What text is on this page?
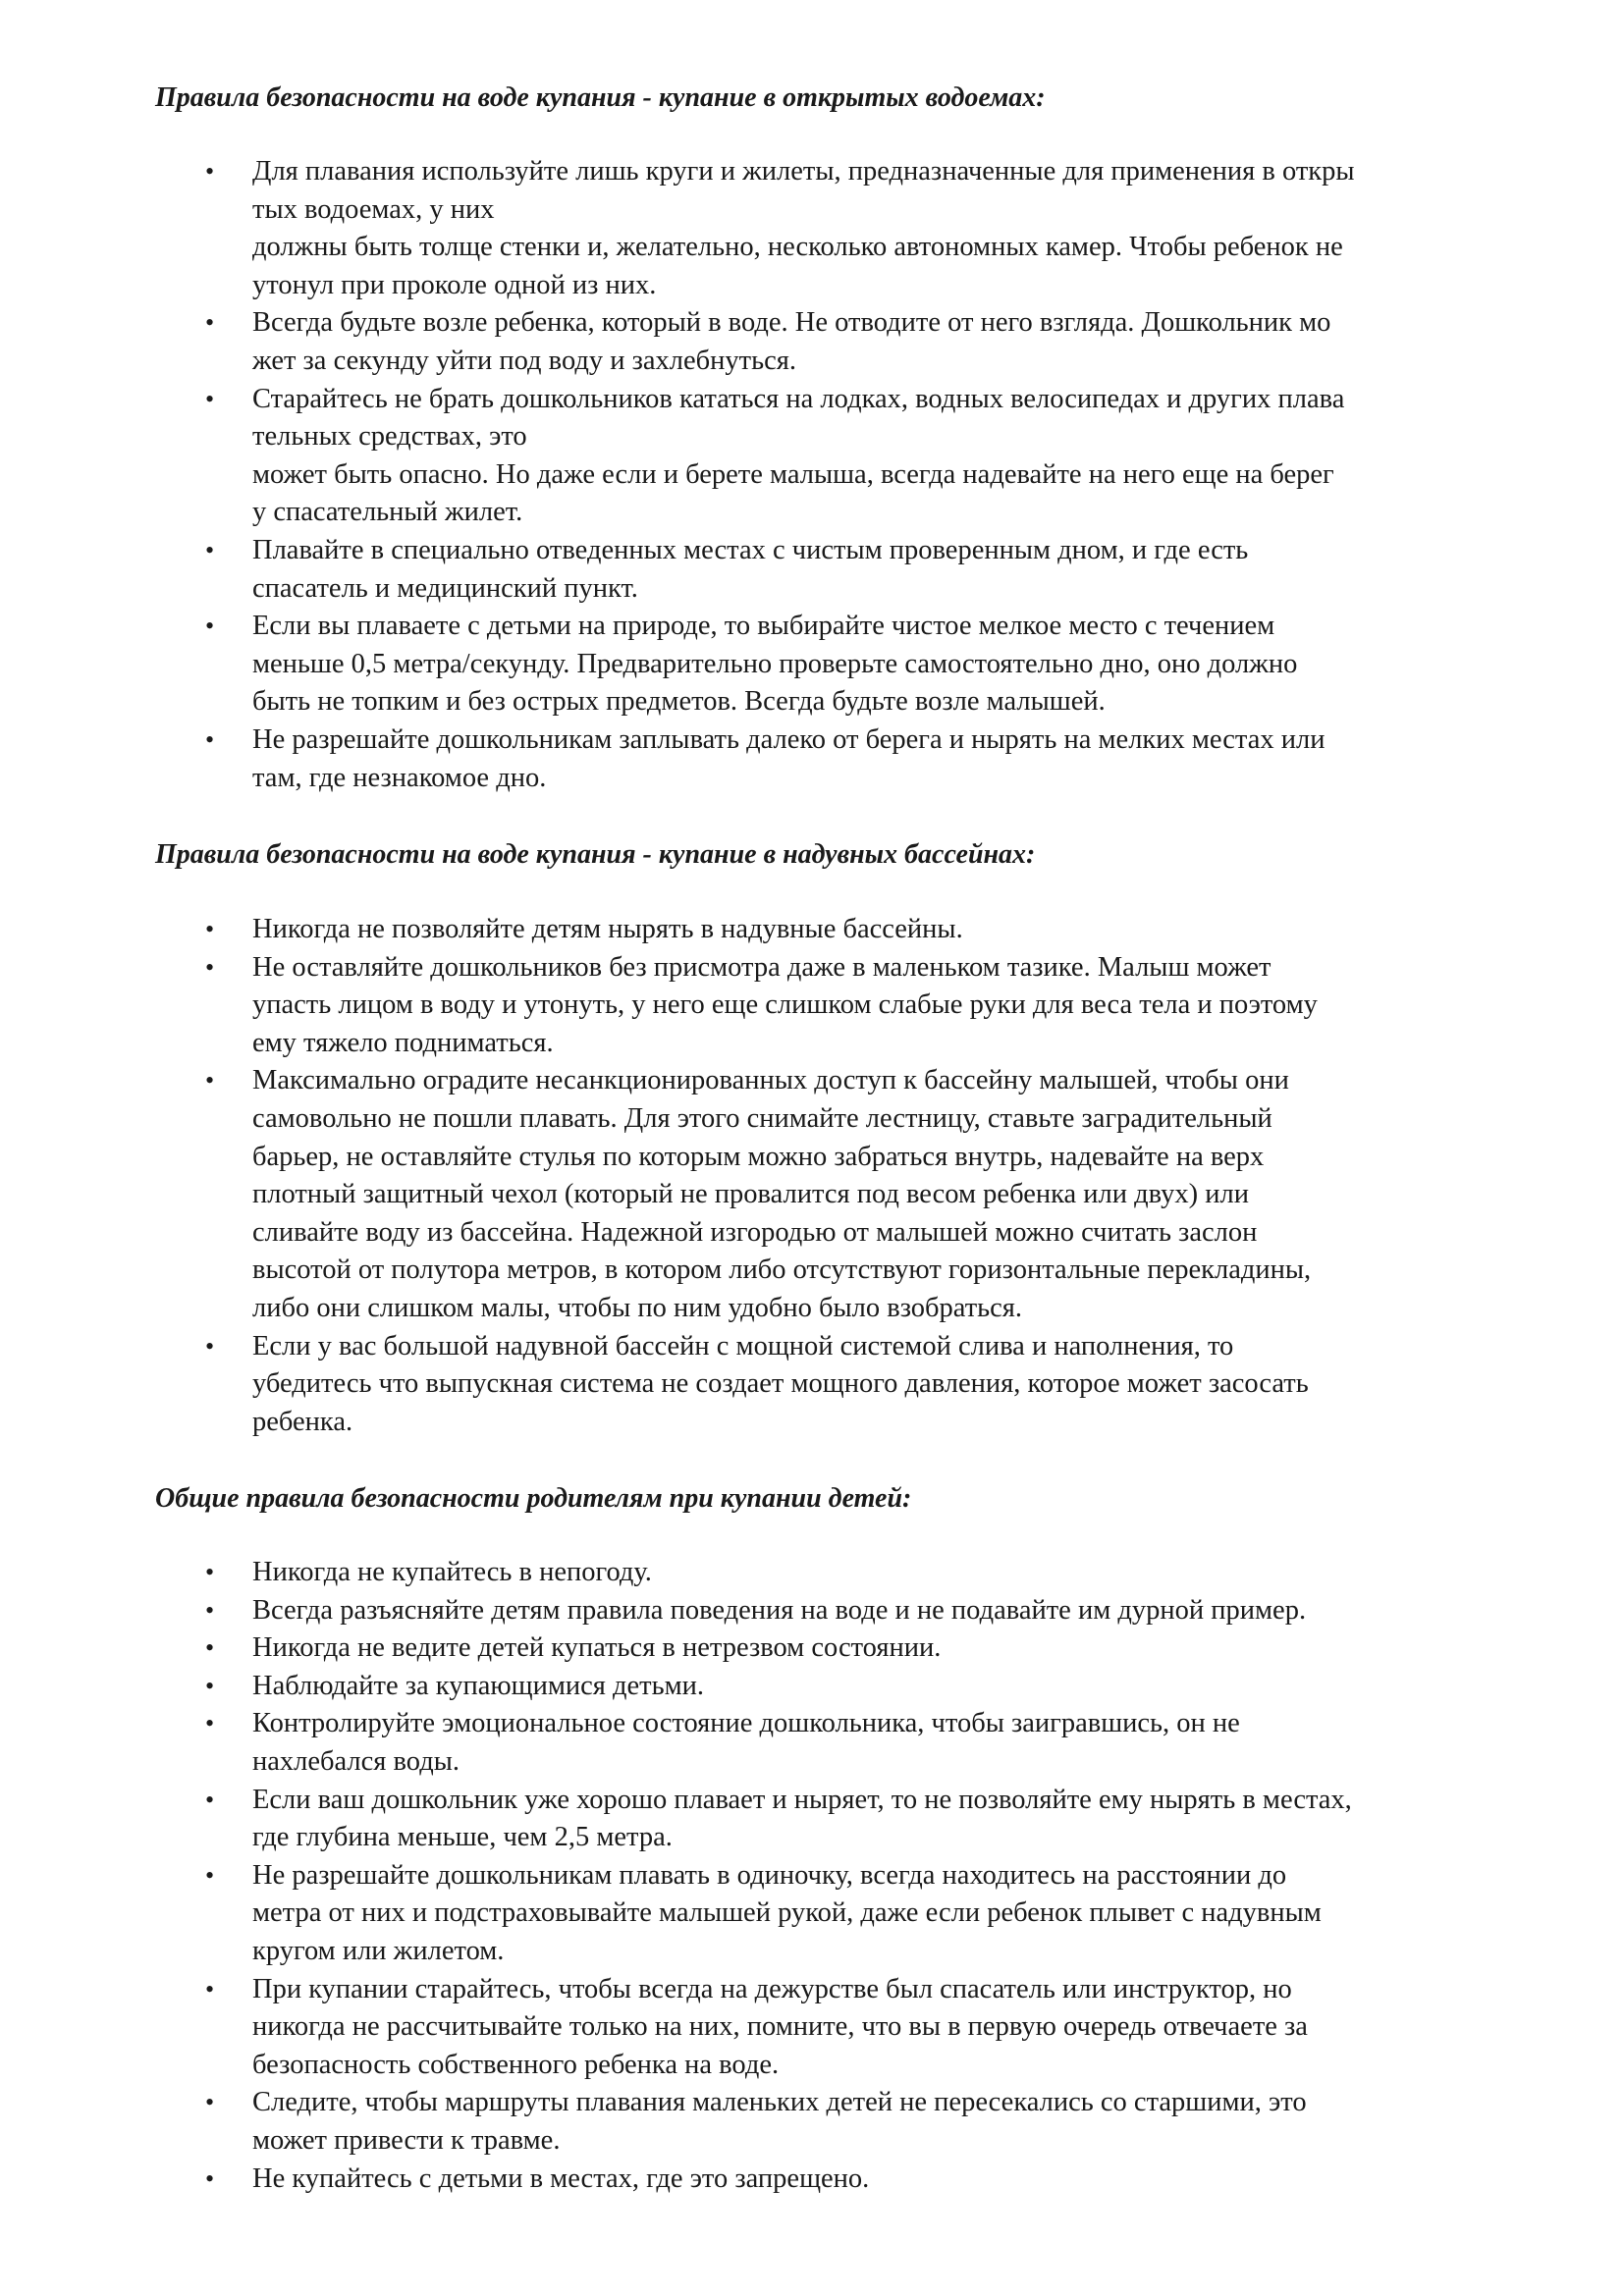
Правила безопасности на воде купания - купание в открытых водоемах:
• Для плавания используйте лишь круги и жилеты, предназначенные для применения в откры
тых водоемах, у них
должны быть толще стенки и, желательно, несколько автономных камер. Чтобы ребенок не
утонул при проколе одной из них.
• Всегда будьте возле ребенка, который в воде. Не отводите от него взгляда. Дошкольник мо
жет за секунду уйти под воду и захлебнуться.
• Старайтесь не брать дошкольников кататься на лодках, водных велосипедах и других плава
тельных средствах, это
может быть опасно. Но даже если и берете малыша, всегда надевайте на него еще на берег
у спасательный жилет.
• Плавайте в специально отведенных местах с чистым проверенным дном, и где есть
спасатель и медицинский пункт.
• Если вы плаваете с детьми на природе, то выбирайте чистое мелкое место с течением
меньше 0,5 метра/секунду. Предварительно проверьте самостоятельно дно, оно должно
быть не топким и без острых предметов. Всегда будьте возле малышей.
• Не разрешайте дошкольникам заплывать далеко от берега и нырять на мелких местах или
там, где незнакомое дно.
Правила безопасности на воде купания - купание в надувных бассейнах:
• Никогда не позволяйте детям нырять в надувные бассейны.
• Не оставляйте дошкольников без присмотра даже в маленьком тазике. Малыш может
упасть лицом в воду и утонуть, у него еще слишком слабые руки для веса тела и поэтому
ему тяжело подниматься.
• Максимально оградите несанкционированных доступ к бассейну малышей, чтобы они
самовольно не пошли плавать. Для этого снимайте лестницу, ставьте заградительный
барьер, не оставляйте стулья по которым можно забраться внутрь, надевайте на верх
плотный защитный чехол (который не провалится под весом ребенка или двух) или
сливайте воду из бассейна. Надежной изгородью от малышей можно считать заслон
высотой от полутора метров, в котором либо отсутствуют горизонтальные перекладины,
либо они слишком малы, чтобы по ним удобно было взобраться.
• Если у вас большой надувной бассейн с мощной системой слива и наполнения, то
убедитесь что выпускная система не создает мощного давления, которое может засосать
ребенка.
Общие правила безопасности родителям при купании детей:
• Никогда не купайтесь в непогоду.
• Всегда разъясняйте детям правила поведения на воде и не подавайте им дурной пример.
• Никогда не ведите детей купаться в нетрезвом состоянии.
• Наблюдайте за купающимися детьми.
• Контролируйте эмоциональное состояние дошкольника, чтобы заигравшись, он не
нахлебался воды.
• Если ваш дошкольник уже хорошо плавает и ныряет, то не позволяйте ему нырять в местах,
где глубина меньше, чем 2,5 метра.
• Не разрешайте дошкольникам плавать в одиночку, всегда находитесь на расстоянии до
метра от них и подстраховывайте малышей рукой, даже если ребенок плывет с надувным
кругом или жилетом.
• При купании старайтесь, чтобы всегда на дежурстве был спасатель или инструктор, но
никогда не рассчитывайте только на них, помните, что вы в первую очередь отвечаете за
безопасность собственного ребенка на воде.
• Следите, чтобы маршруты плавания маленьких детей не пересекались со старшими, это
может привести к травме.
• Не купайтесь с детьми в местах, где это запрещено.
